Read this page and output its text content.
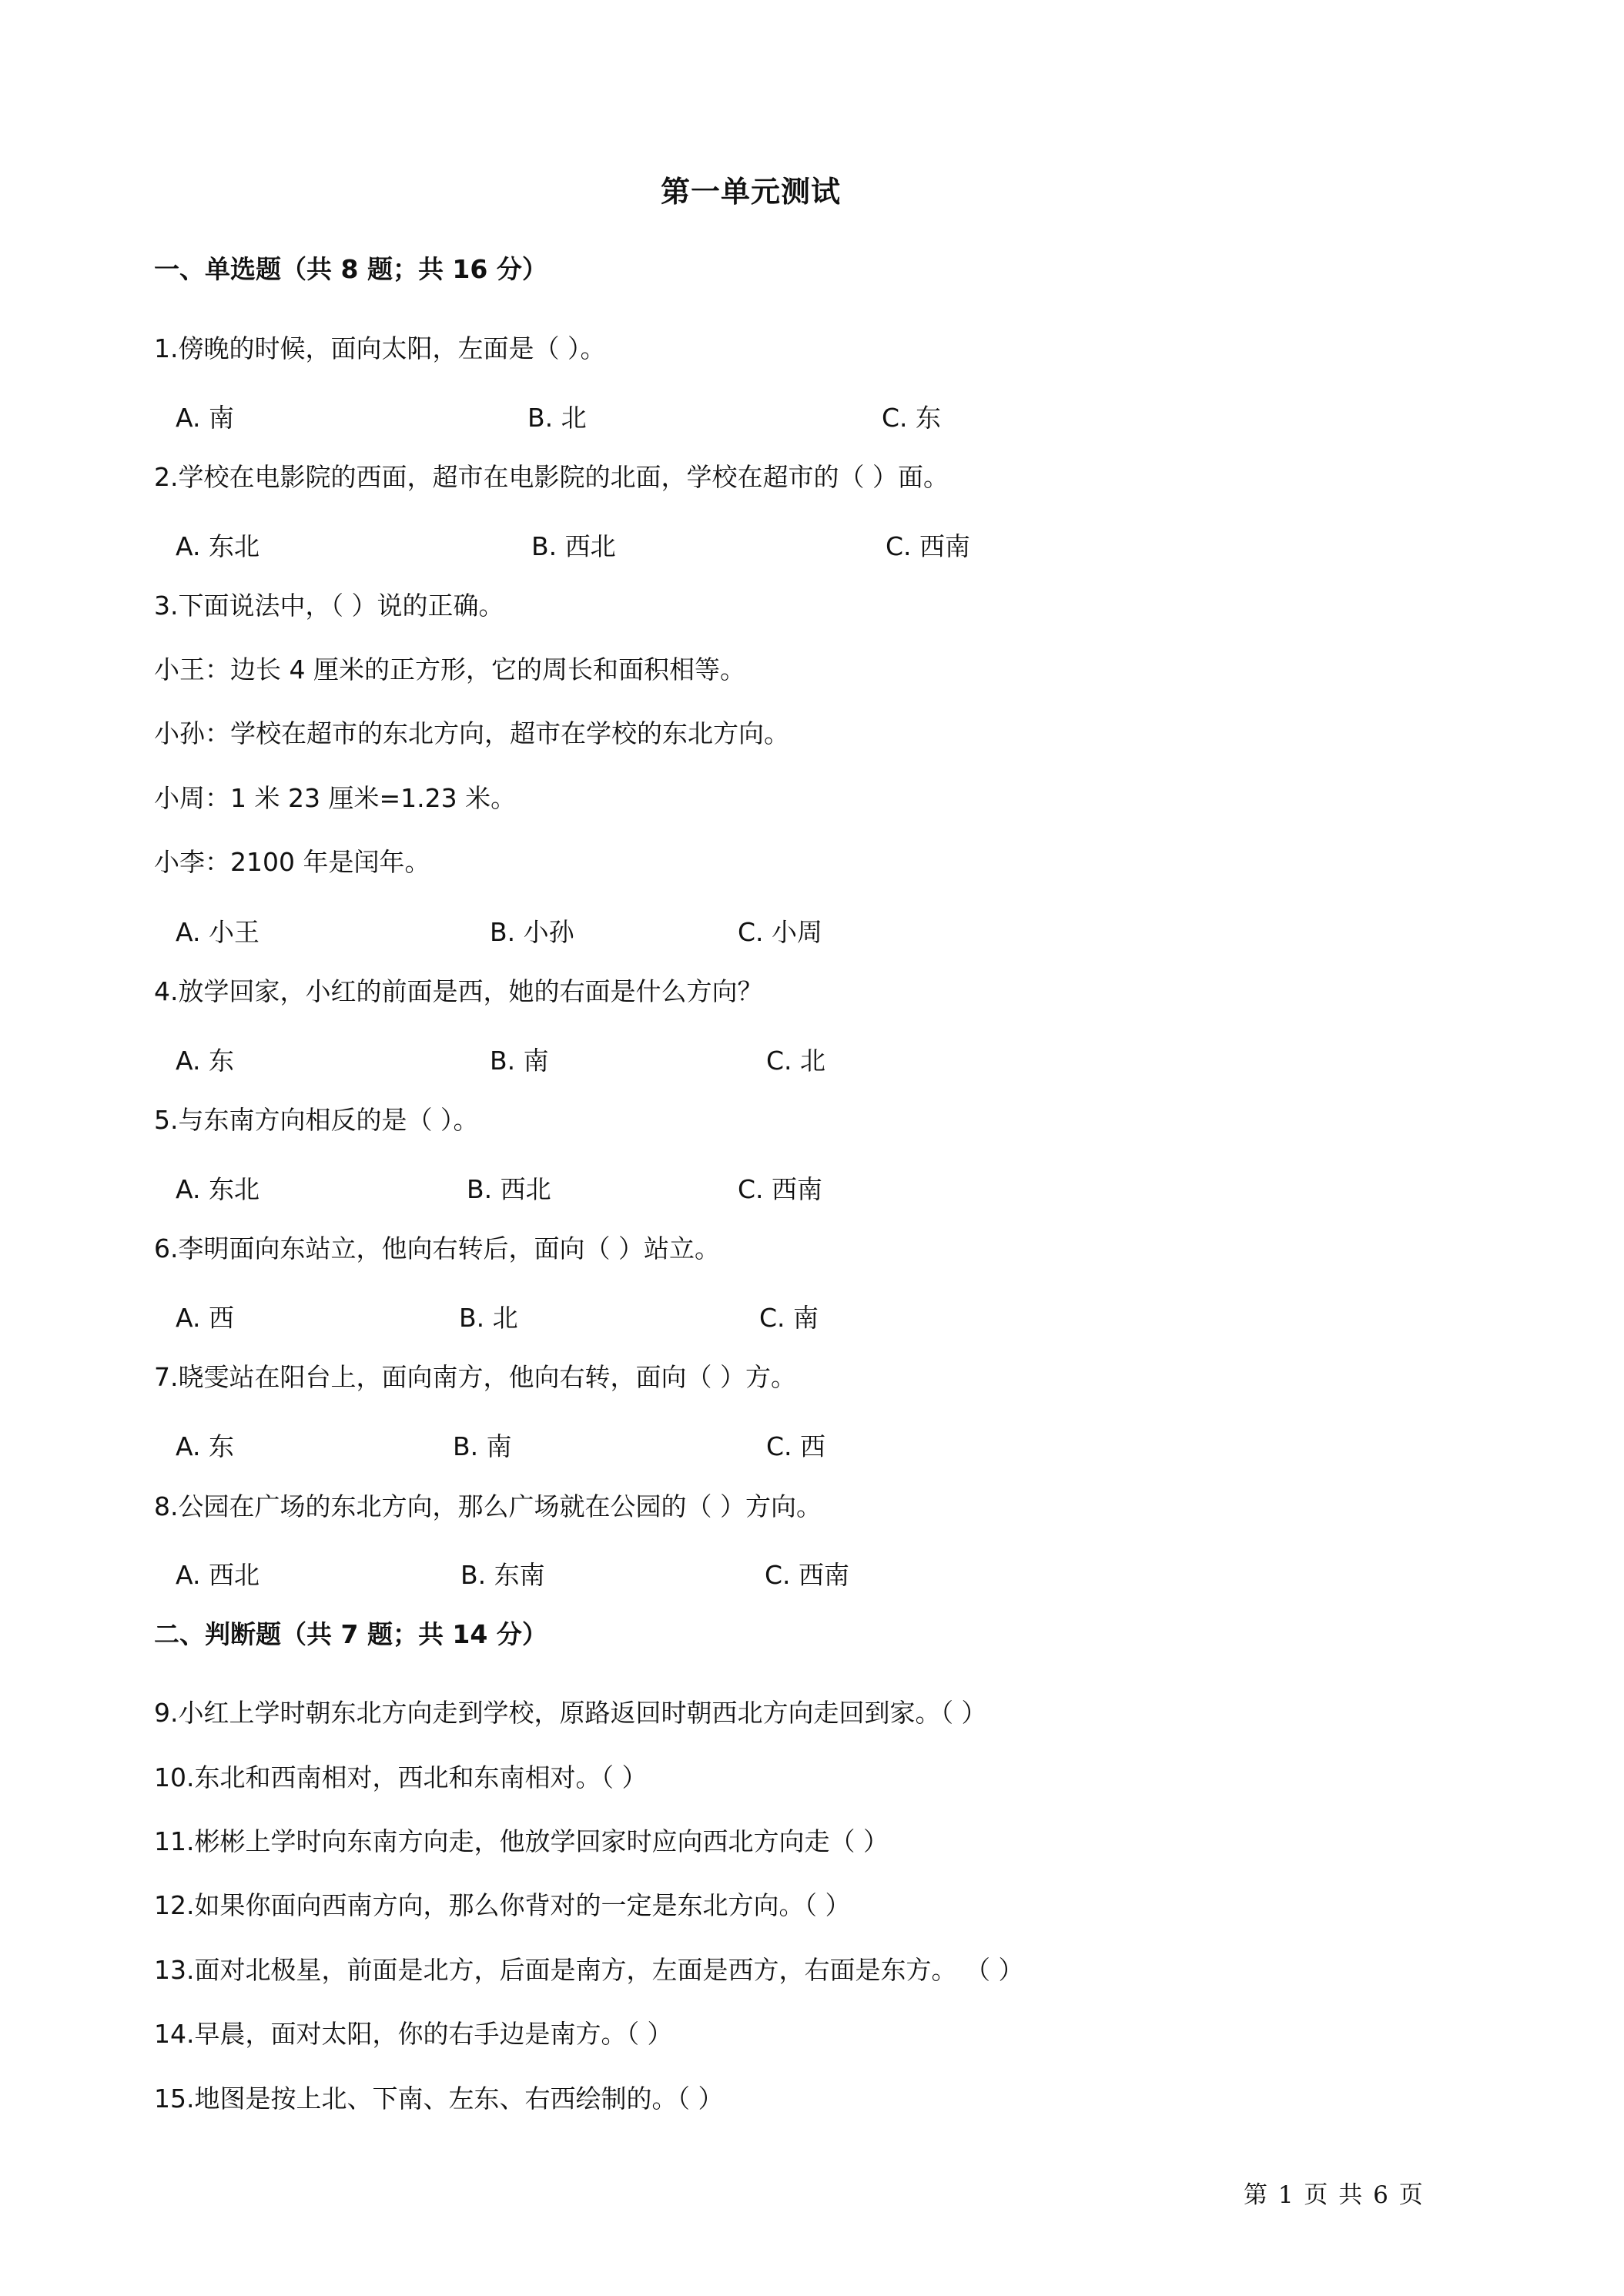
第一单元测试
一、单选题（共 8 题；共 16 分）
1.傍晚的时候，面向太阳，左面是（ ）。
A. 南	B. 北	C. 东
2.学校在电影院的西面，超市在电影院的北面，学校在超市的（ ）面。
A. 东北	B. 西北	C. 西南
3.下面说法中，（ ）说的正确。
小王：边长 4 厘米的正方形，它的周长和面积相等。
小孙：学校在超市的东北方向，超市在学校的东北方向。
小周：1 米 23 厘米=1.23 米。
小李：2100 年是闰年。
A. 小王	B. 小孙	C. 小周
4.放学回家，小红的前面是西，她的右面是什么方向？
A. 东	B. 南	C. 北
5.与东南方向相反的是（ ）。
A. 东北	B. 西北	C. 西南
6.李明面向东站立，他向右转后，面向（ ）站立。
A. 西	B. 北	C. 南
7.晓雯站在阳台上，面向南方，他向右转，面向（ ）方。
A. 东	B. 南	C. 西
8.公园在广场的东北方向，那么广场就在公园的（ ）方向。
A. 西北	B. 东南	C. 西南
二、判断题（共 7 题；共 14 分）
9.小红上学时朝东北方向走到学校，原路返回时朝西北方向走回到家。（ ）
10.东北和西南相对，西北和东南相对。（ ）
11.彬彬上学时向东南方向走，他放学回家时应向西北方向走（ ）
12.如果你面向西南方向，那么你背对的一定是东北方向。（ ）
13.面对北极星，前面是北方，后面是南方，左面是西方，右面是东方。 （ ）
14.早晨，面对太阳，你的右手边是南方。（ ）
15.地图是按上北、下南、左东、右西绘制的。（ ）
第 1 页 共 6 页
